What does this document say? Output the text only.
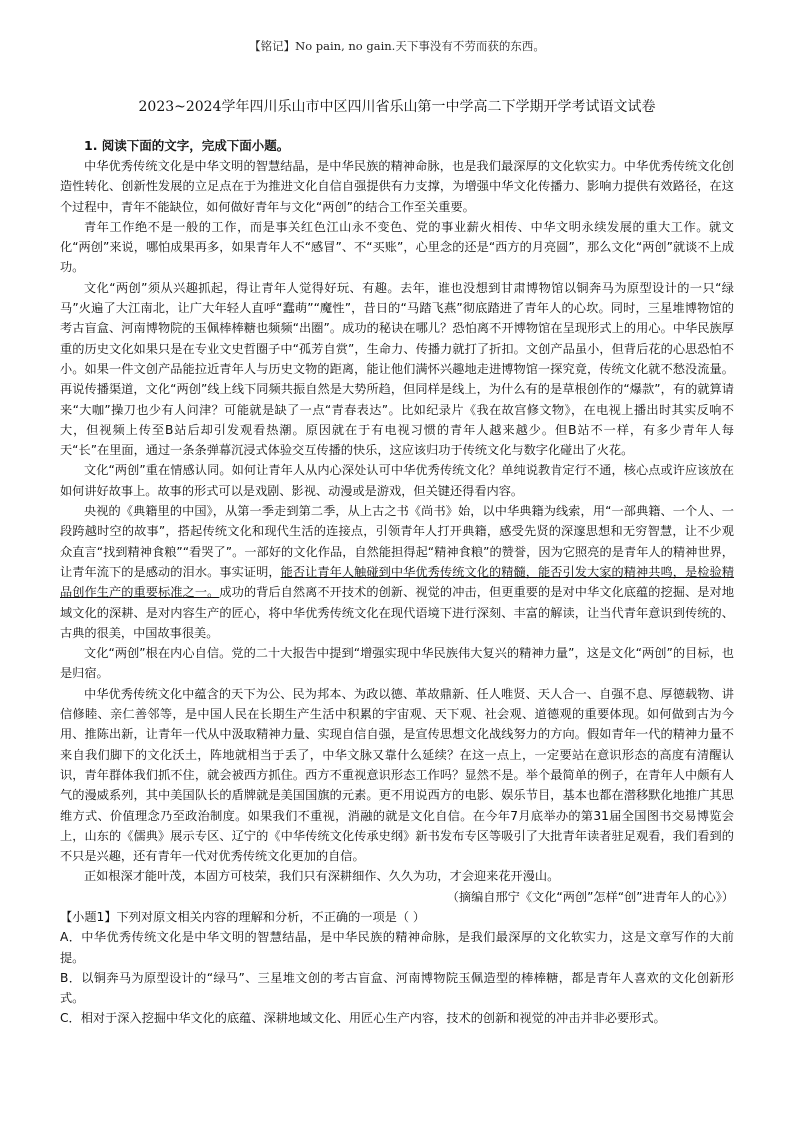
【铭记】No pain, no gain.天下事没有不劳而获的东西。
2023~2024学年四川乐山市中区四川省乐山第一中学高二下学期开学考试语文试卷

1. 阅读下面的文字，完成下面小题。

中华优秀传统文化是中华文明的智慧结晶，是中华民族的精神命脉，也是我们最深厚的文化软实力。中华优秀传统文化创造性转化、创新性发展的立足点在于为推进文化自信自强提供有力支撑，为增强中华文化传播力、影响力提供有效路径，在这个过程中，青年不能缺位，如何做好青年与文化“两创”的结合工作至关重要。

青年工作绝不是一般的工作，而是事关红色江山永不变色、党的事业薪火相传、中华文明永续发展的重大工作。就文化“两创”来说，哪怕成果再多，如果青年人不“感冒”、不“买账”，心里念的还是“西方的月亮圆”，那么文化“两创”就谈不上成功。

文化“两创”须从兴趣抓起，得让青年人觉得好玩、有趣。去年，谁也没想到甘肃博物馆以铜奔马为原型设计的一只“绿马”火遍了大江南北，让广大年轻人直呼“蠢萌”“魔性”，昔日的“马踏飞燕”彻底踏进了青年人的心坎。同时，三星堆博物馆的考古盲盒、河南博物院的玉佩棒棒糖也频频“出圈”。成功的秘诀在哪儿？恐怕离不开博物馆在呈现形式上的用心。中华民族厚重的历史文化如果只是在专业文史哲圈子中“孤芳自赏”，生命力、传播力就打了折扣。文创产品虽小，但背后花的心思恐怕不小。如果一件文创产品能拉近青年人与历史文物的距离，能让他们满怀兴趣地走进博物馆一探究竟，传统文化就不愁没流量。再说传播渠道，文化“两创”线上线下同频共振自然是大势所趋，但同样是线上，为什么有的是草根创作的“爆款”，有的就算请来“大咖”操刀也少有人问津？可能就是缺了一点“青春表达”。比如纪录片《我在故宫修文物》，在电视上播出时其实反响不大，但视频上传至B站后却引发观看热潮。原因就在于有电视习惯的青年人越来越少。但B站不一样，有多少青年人每天“长”在里面，通过一条条弹幕沉浸式体验交互传播的快乐，这应该归功于传统文化与数字化碰出了火花。

文化“两创”重在情感认同。如何让青年人从内心深处认可中华优秀传统文化？单纯说教肯定行不通，核心点或许应该放在如何讲好故事上。故事的形式可以是戏剧、影视、动漫或是游戏，但关键还得看内容。

央视的《典籍里的中国》，从第一季走到第二季，从上古之书《尚书》始，以中华典籍为线索，用“一部典籍、一个人、一段跨越时空的故事”，搭起传统文化和现代生活的连接点，引领青年人打开典籍，感受先贤的深邃思想和无穷智慧，让不少观众直言“找到精神食粮”“看哭了”。一部好的文化作品，自然能担得起“精神食粮”的赞誉，因为它照亮的是青年人的精神世界，让青年流下的是感动的泪水。事实证明，能否让青年人触碰到中华优秀传统文化的精髓，能否引发大家的精神共鸣，是检验精品创作生产的重要标准之一。成功的背后自然离不开技术的创新、视觉的冲击，但更重要的是对中华文化底蕴的挖掘、是对地域文化的深耕、是对内容生产的匠心，将中华优秀传统文化在现代语境下进行深刻、丰富的解读，让当代青年意识到传统的、古典的很美，中国故事很美。

文化“两创”根在内心自信。党的二十大报告中提到“增强实现中华民族伟大复兴的精神力量”，这是文化“两创”的目标，也是归宿。

中华优秀传统文化中蕴含的天下为公、民为邦本、为政以德、革故鼎新、任人唯贤、天人合一、自强不息、厚德载物、讲信修睦、亲仁善邻等，是中国人民在长期生产生活中积累的宇宙观、天下观、社会观、道德观的重要体现。如何做到古为今用、推陈出新，让青年一代从中汲取精神力量、实现自信自强，是宣传思想文化战线努力的方向。假如青年一代的精神力量不来自我们脚下的文化沃土，阵地就相当于丢了，中华文脉又靠什么延续？在这一点上，一定要站在意识形态的高度有清醒认识，青年群体我们抓不住，就会被西方抓住。西方不重视意识形态工作吗？显然不是。举个最简单的例子，在青年人中颇有人气的漫威系列，其中美国队长的盾牌就是美国国旗的元素。更不用说西方的电影、娱乐节目，基本也都在潜移默化地推广其思维方式、价值理念乃至政治制度。如果我们不重视，消融的就是文化自信。在今年7月底举办的第31届全国图书交易博览会上，山东的《儒典》展示专区、辽宁的《中华传统文化传承史纲》新书发布专区等吸引了大批青年读者驻足观看，我们看到的不只是兴趣，还有青年一代对优秀传统文化更加的自信。

正如根深才能叶茂，本固方可枝荣，我们只有深耕细作、久久为功，才会迎来花开漫山。

（摘编自邢宁《文化“两创”怎样“创”进青年人的心》）

【小题1】下列对原文相关内容的理解和分析，不正确的一项是（ ）

A．中华优秀传统文化是中华文明的智慧结晶，是中华民族的精神命脉，是我们最深厚的文化软实力，这是文章写作的大前提。

B．以铜奔马为原型设计的“绿马”、三星堆文创的考古盲盒、河南博物院玉佩造型的棒棒糖，都是青年人喜欢的文化创新形式。

C．相对于深入挖掘中华文化的底蕴、深耕地域文化、用匠心生产内容，技术的创新和视觉的冲击并非必要形式。
